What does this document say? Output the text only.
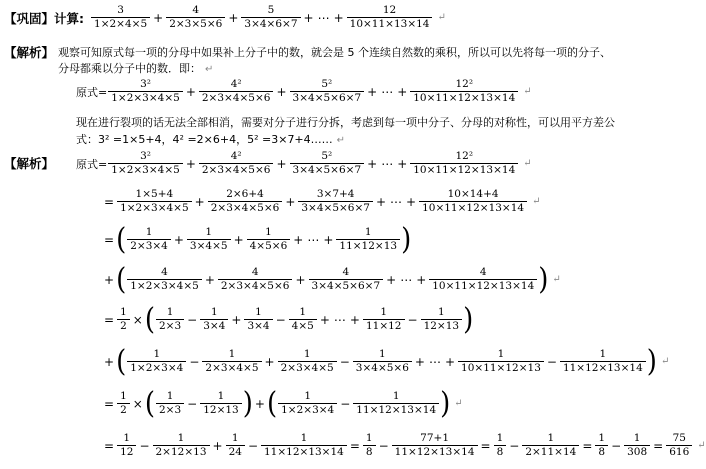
【巩固】 计算: $\frac{3}{1\times 2\times 4\times 5} + \frac{4}{2\times 3\times 5\times 6} + \frac{5}{3\times 4\times 6\times 7}$ + ⋯ + $\frac{12}{10\times 11\times 13\times 14}$ ↵
【解析】 观察可知原式每一项的分母中如果补上分子中的数，就会是 5 个连续自然数的乘积，所以可以先将每一项的分子、
分母都乘以分子中的数．即： ↵
原式= $\frac{\text{3²}}{1\times 2\times 3\times 4\times 5} + \frac{\text{4²}}{2\times 3\times 4\times 5\times 6} + \frac{\text{5²}}{3\times 4\times 5\times 6\times 7}$ + ⋯ + $\frac{\text{12²}}{10\times 11\times 12\times 13\times 14}$ ↵
现在进行裂项的话无法全部相消，需要对分子进行分拆，考虑到每一项中分子、分母的对称性，可以用平方差公
式：3² =1×5+4，4² =2×6+4，5² =3×7+4…… ↵
【解析】 原式= $\frac{\text{3²}}{1\times 2\times 3\times 4\times 5} + \frac{\text{4²}}{2\times 3\times 4\times 5\times 6} + \frac{\text{5²}}{3\times 4\times 5\times 6\times 7}$ + ⋯ + $\frac{\text{12²}}{10\times 11\times 12\times 13\times 14}$ ↵
= $\frac{1\times 5+4}{1\times 2\times 3\times 4\times 5} + \frac{2\times 6+4}{2\times 3\times 4\times 5\times 6} + \frac{3\times 7+4}{3\times 4\times 5\times 6\times 7}$ + ⋯ + $\frac{10\times 14+4}{10\times 11\times 12\times 13\times 14}$ ↵
= ( $\frac{1}{2\times 3\times 4} + \frac{1}{3\times 4\times 5} + \frac{1}{4\times 5\times 6}$ + ⋯ + $\frac{1}{11\times 12\times 13}$ )
+ ( $\frac{4}{1\times 2\times 3\times 4\times 5} + \frac{4}{2\times 3\times 4\times 5\times 6} + \frac{4}{3\times 4\times 5\times 6\times 7}$ + ⋯ + $\frac{4}{10\times 11\times 12\times 13\times 14}$ ) ↵
= $\frac{1}{2}$ × ( $\frac{1}{2\times 3} - \frac{1}{3\times 4} + \frac{1}{3\times 4} - \frac{1}{4\times 5}$ + ⋯ + $\frac{1}{11\times 12} - \frac{1}{12\times 13}$ )
+ ( $\frac{1}{1\times 2\times 3\times 4} - \frac{1}{2\times 3\times 4\times 5} + \frac{1}{2\times 3\times 4\times 5} - \frac{1}{3\times 4\times 5\times 6}$ + ⋯ + $\frac{1}{10\times 11\times 12\times 13} - \frac{1}{11\times 12\times 13\times 14}$ ) ↵
= $\frac{1}{2}$ × ( $\frac{1}{2\times 3} - \frac{1}{12\times 13}$ ) + ( $\frac{1}{1\times 2\times 3\times 4} - \frac{1}{11\times 12\times 13\times 14}$ ) ↵
= $\frac{1}{12} - \frac{1}{2\times 12\times 13} + \frac{1}{24} - \frac{1}{11\times 12\times 13\times 14} = \frac{1}{8} - \frac{77+1}{11\times 12\times 13\times 14} = \frac{1}{8} - \frac{1}{2\times 11\times 14} = \frac{1}{8} - \frac{1}{308} = \frac{75}{616}$ ↵
